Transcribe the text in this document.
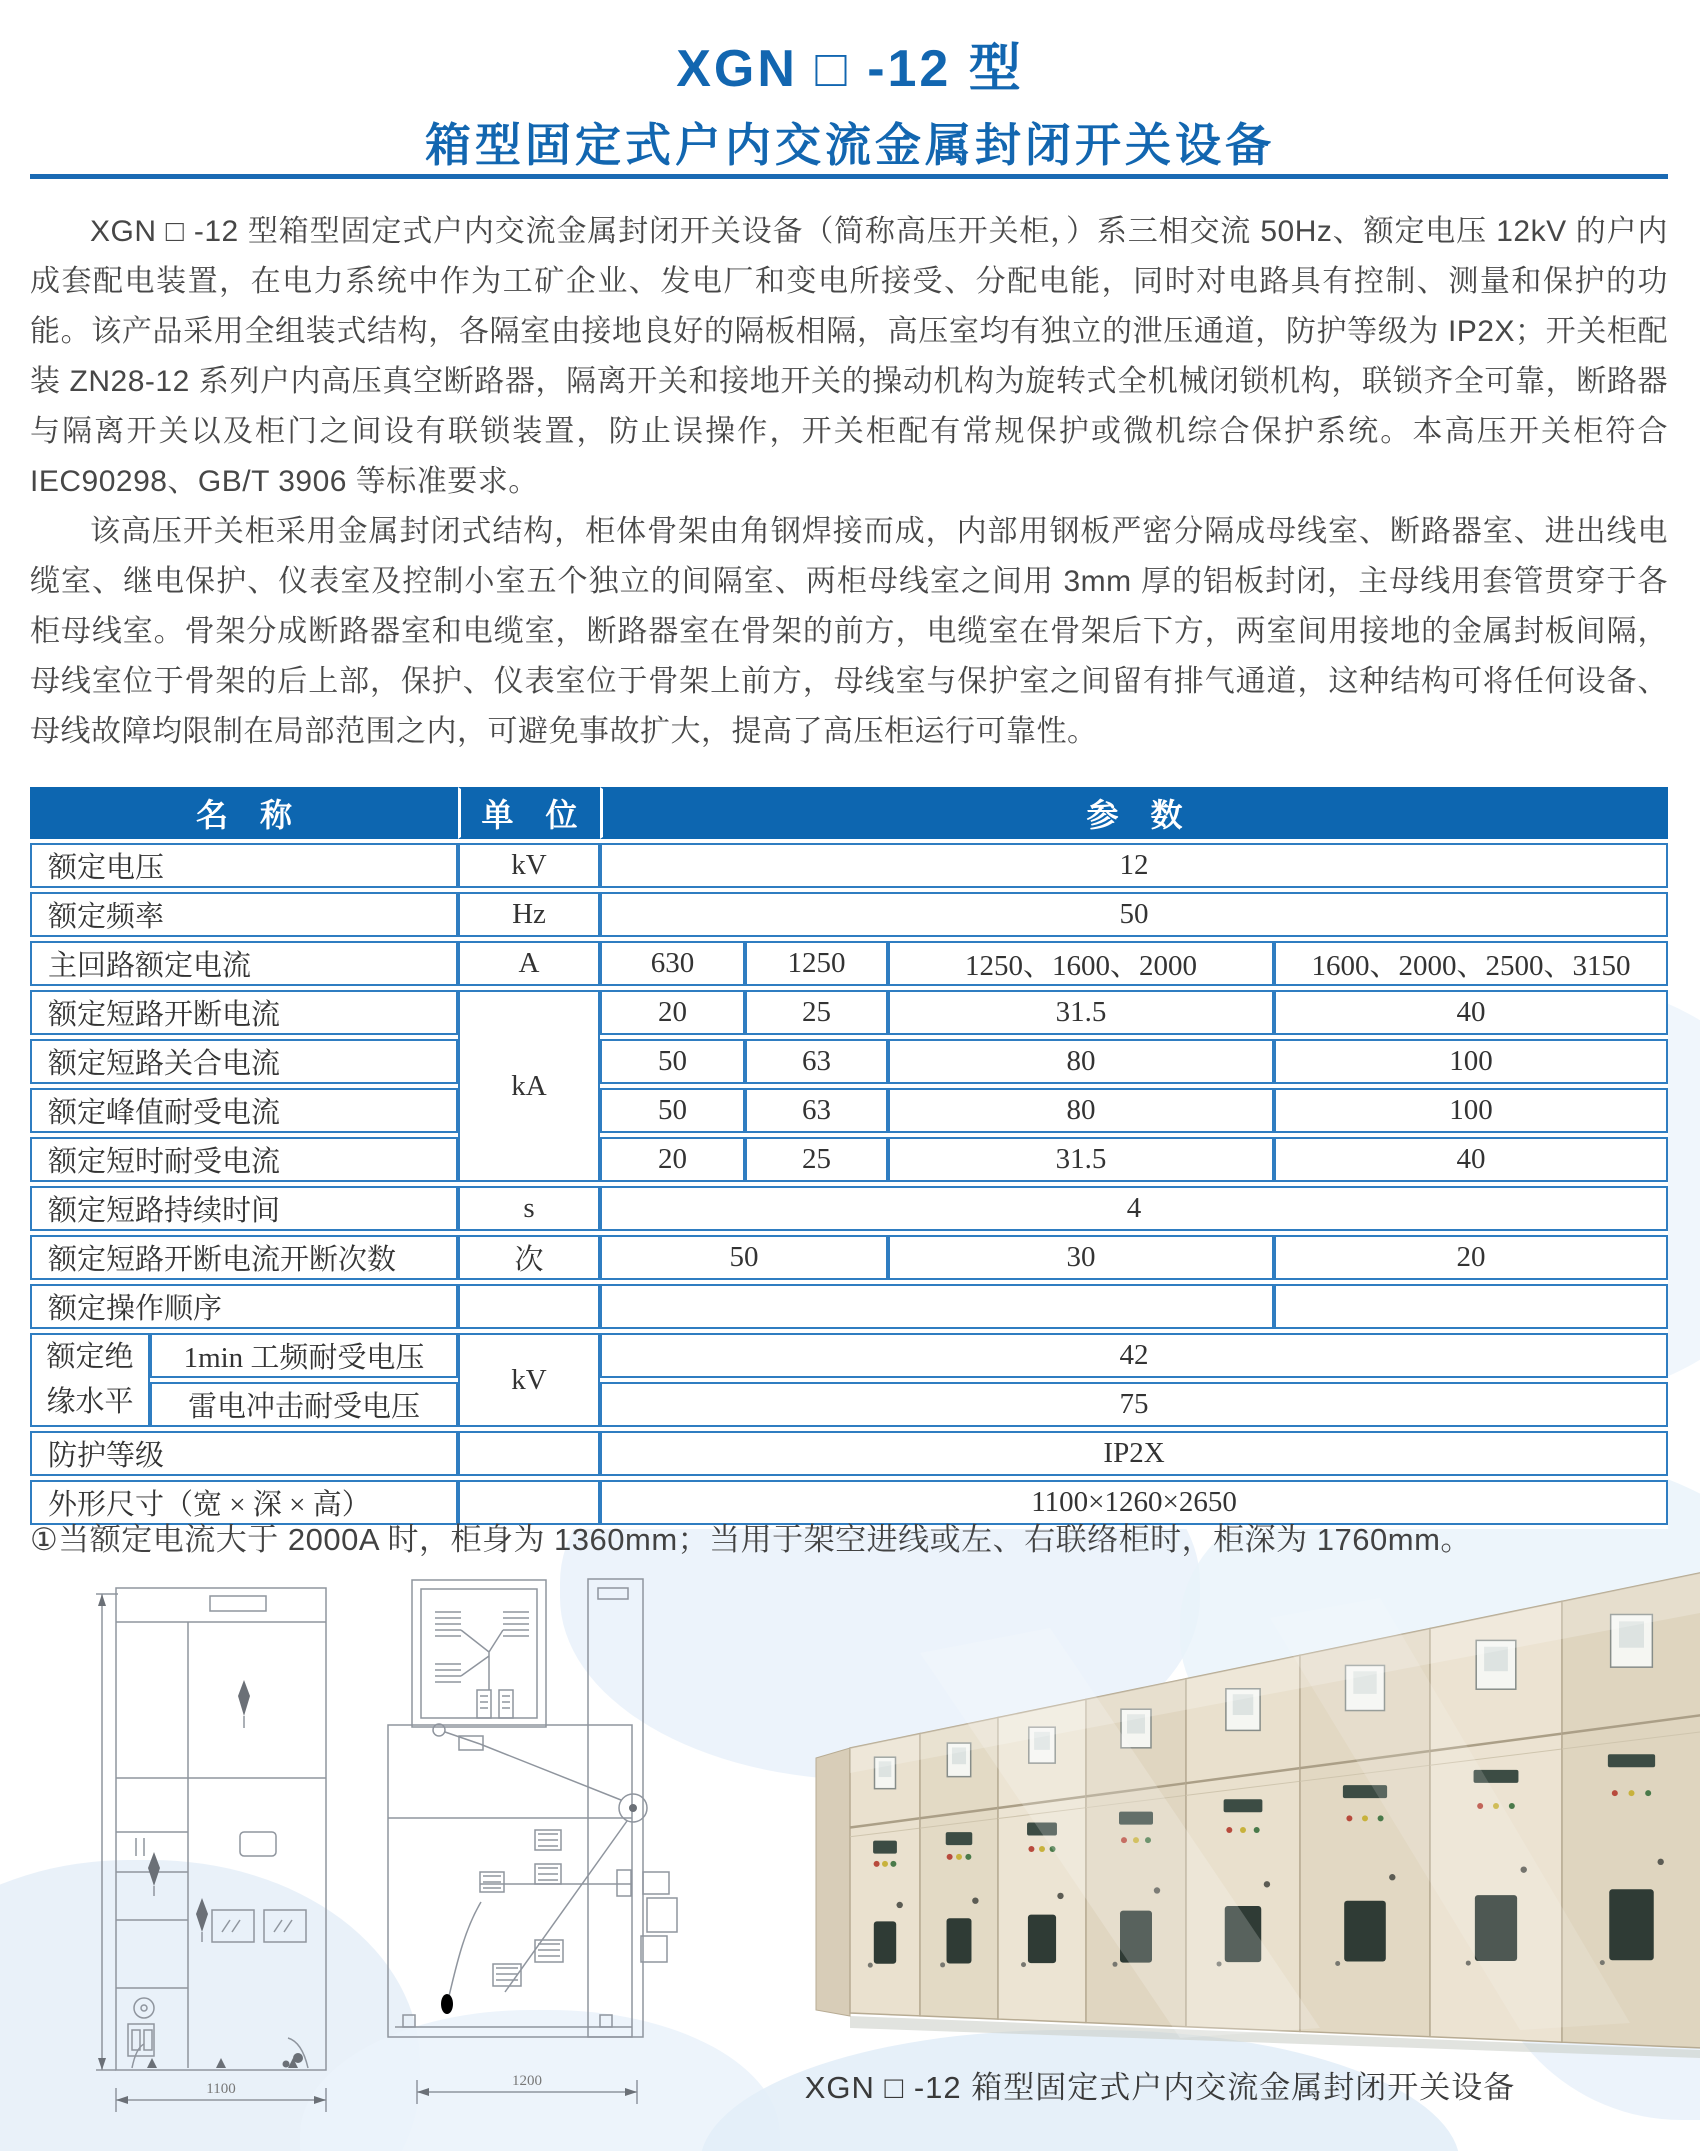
XGN □ -12 型
箱型固定式户内交流金属封闭开关设备

XGN □ -12 型箱型固定式户内交流金属封闭开关设备（简称高压开关柜，）系三相交流 50Hz、额定电压 12kV 的户内成套配电装置，在电力系统中作为工矿企业、发电厂和变电所接受、分配电能，同时对电路具有控制、测量和保护的功能。该产品采用全组装式结构，各隔室由接地良好的隔板相隔，高压室均有独立的泄压通道，防护等级为 IP2X；开关柜配装 ZN28-12 系列户内高压真空断路器，隔离开关和接地开关的操动机构为旋转式全机械闭锁机构，联锁齐全可靠，断路器与隔离开关以及柜门之间设有联锁装置，防止误操作，开关柜配有常规保护或微机综合保护系统。本高压开关柜符合 IEC90298、GB/T 3906 等标准要求。

该高压开关柜采用金属封闭式结构，柜体骨架由角钢焊接而成，内部用钢板严密分隔成母线室、断路器室、进出线电缆室、继电保护、仪表室及控制小室五个独立的间隔室、两柜母线室之间用 3mm 厚的铝板封闭，主母线用套管贯穿于各柜母线室。骨架分成断路器室和电缆室，断路器室在骨架的前方，电缆室在骨架后下方，两室间用接地的金属封板间隔，母线室位于骨架的后上部，保护、仪表室位于骨架上前方，母线室与保护室之间留有排气通道，这种结构可将任何设备、母线故障均限制在局部范围之内，可避免事故扩大，提高了高压柜运行可靠性。

名　称		单　位	参　数			
额定电压		kV	12			
额定频率		Hz	50			
主回路额定电流		A	630	1250	1250、1600、2000	1600、2000、2500、3150
额定短路开断电流		kA	20	25	31.5	40
额定短路关合电流			50	63	80	100
额定峰值耐受电流			50	63	80	100
额定短时耐受电流			20	25	31.5	40
额定短路持续时间		s	4			
额定短路开断电流开断次数		次	50		30	20
额定操作顺序						
额定绝缘水平	1min 工频耐受电压	kV	42			
	雷电冲击耐受电压		75			
防护等级			IP2X			
外形尺寸（宽 × 深 × 高）			1100×1260×2650			
①当额定电流大于 2000A 时，柜身为 1360mm；当用于架空进线或左、右联络柜时，柜深为 1760mm。
1100	1200	XGN □ -12 箱型固定式户内交流金属封闭开关设备
